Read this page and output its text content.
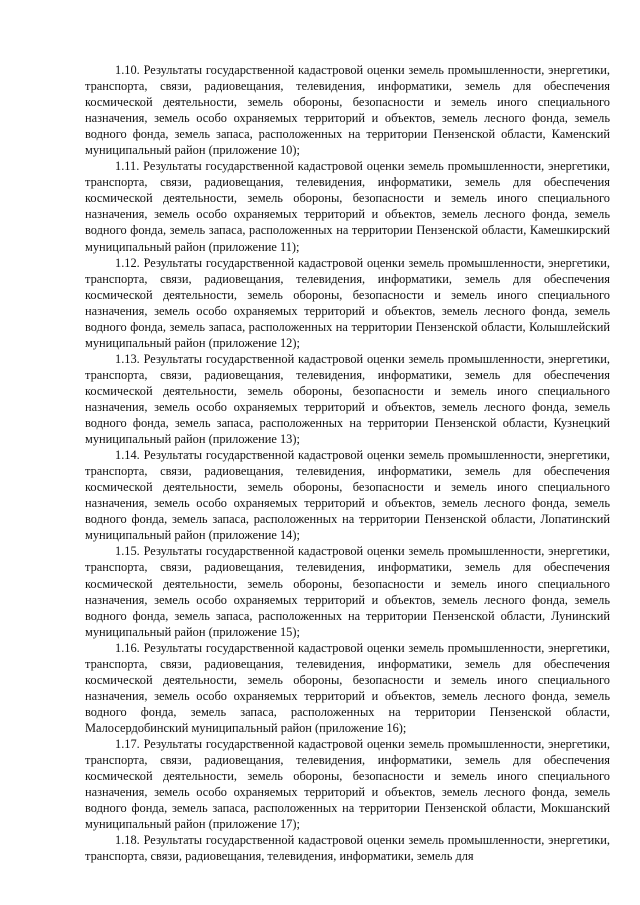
1.10. Результаты государственной кадастровой оценки земель промышленности, энергетики, транспорта, связи, радиовещания, телевидения, информатики, земель для обеспечения космической деятельности, земель обороны, безопасности и земель иного специального назначения, земель особо охраняемых территорий и объектов, земель лесного фонда, земель водного фонда, земель запаса, расположенных на территории Пензенской области, Каменский муниципальный район (приложение 10);

1.11. Результаты государственной кадастровой оценки земель промышленности, энергетики, транспорта, связи, радиовещания, телевидения, информатики, земель для обеспечения космической деятельности, земель обороны, безопасности и земель иного специального назначения, земель особо охраняемых территорий и объектов, земель лесного фонда, земель водного фонда, земель запаса, расположенных на территории Пензенской области, Камешкирский муниципальный район (приложение 11);

1.12. Результаты государственной кадастровой оценки земель промышленности, энергетики, транспорта, связи, радиовещания, телевидения, информатики, земель для обеспечения космической деятельности, земель обороны, безопасности и земель иного специального назначения, земель особо охраняемых территорий и объектов, земель лесного фонда, земель водного фонда, земель запаса, расположенных на территории Пензенской области, Колышлейский муниципальный район (приложение 12);

1.13. Результаты государственной кадастровой оценки земель промышленности, энергетики, транспорта, связи, радиовещания, телевидения, информатики, земель для обеспечения космической деятельности, земель обороны, безопасности и земель иного специального назначения, земель особо охраняемых территорий и объектов, земель лесного фонда, земель водного фонда, земель запаса, расположенных на территории Пензенской области, Кузнецкий муниципальный район (приложение 13);

1.14. Результаты государственной кадастровой оценки земель промышленности, энергетики, транспорта, связи, радиовещания, телевидения, информатики, земель для обеспечения космической деятельности, земель обороны, безопасности и земель иного специального назначения, земель особо охраняемых территорий и объектов, земель лесного фонда, земель водного фонда, земель запаса, расположенных на территории Пензенской области, Лопатинский муниципальный район (приложение 14);

1.15. Результаты государственной кадастровой оценки земель промышленности, энергетики, транспорта, связи, радиовещания, телевидения, информатики, земель для обеспечения космической деятельности, земель обороны, безопасности и земель иного специального назначения, земель особо охраняемых территорий и объектов, земель лесного фонда, земель водного фонда, земель запаса, расположенных на территории Пензенской области, Лунинский муниципальный район (приложение 15);

1.16. Результаты государственной кадастровой оценки земель промышленности, энергетики, транспорта, связи, радиовещания, телевидения, информатики, земель для обеспечения космической деятельности, земель обороны, безопасности и земель иного специального назначения, земель особо охраняемых территорий и объектов, земель лесного фонда, земель водного фонда, земель запаса, расположенных на территории Пензенской области, Малосердобинский муниципальный район (приложение 16);

1.17. Результаты государственной кадастровой оценки земель промышленности, энергетики, транспорта, связи, радиовещания, телевидения, информатики, земель для обеспечения космической деятельности, земель обороны, безопасности и земель иного специального назначения, земель особо охраняемых территорий и объектов, земель лесного фонда, земель водного фонда, земель запаса, расположенных на территории Пензенской области, Мокшанский муниципальный район (приложение 17);

1.18. Результаты государственной кадастровой оценки земель промышленности, энергетики, транспорта, связи, радиовещания, телевидения, информатики, земель для
